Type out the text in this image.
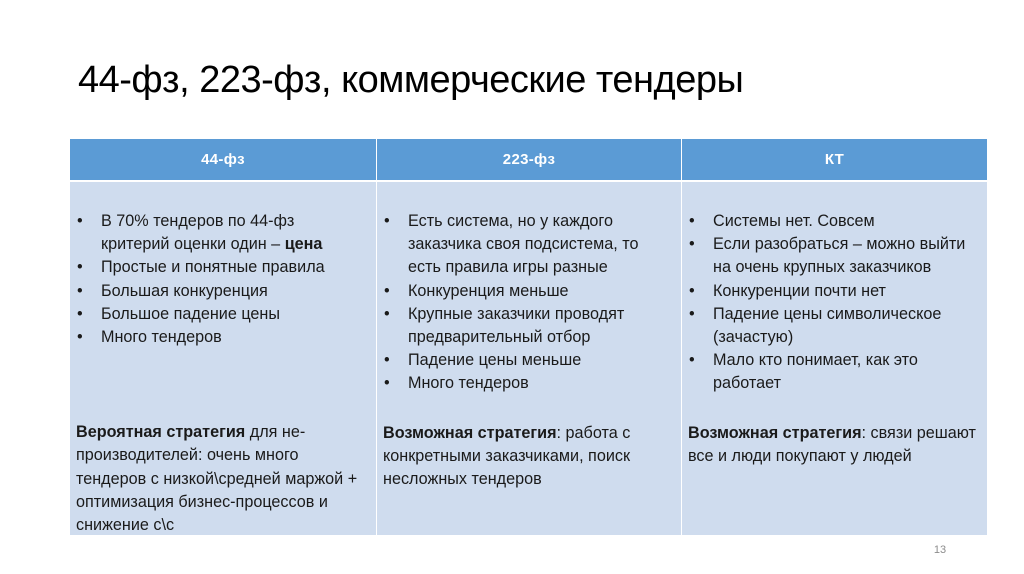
44-фз, 223-фз, коммерческие тендеры
44-фз	223-фз	КТ
• В 70% тендеров по 44-фз критерий оценки один – цена
• Простые и понятные правила
• Большая конкуренция
• Большое падение цены
• Много тендеров

Вероятная стратегия для не-производителей: очень много тендеров с низкой\средней маржой + оптимизация бизнес-процессов и снижение с\с

• Есть система, но у каждого заказчика своя подсистема, то есть правила игры разные
• Конкуренция меньше
• Крупные заказчики проводят предварительный отбор
• Падение цены меньше
• Много тендеров

Возможная стратегия: работа с конкретными заказчиками, поиск несложных тендеров

• Системы нет. Совсем
• Если разобраться – можно выйти на очень крупных заказчиков
• Конкуренции почти нет
• Падение цены символическое (зачастую)
• Мало кто понимает, как это работает

Возможная стратегия: связи решают все и люди покупают у людей

13
